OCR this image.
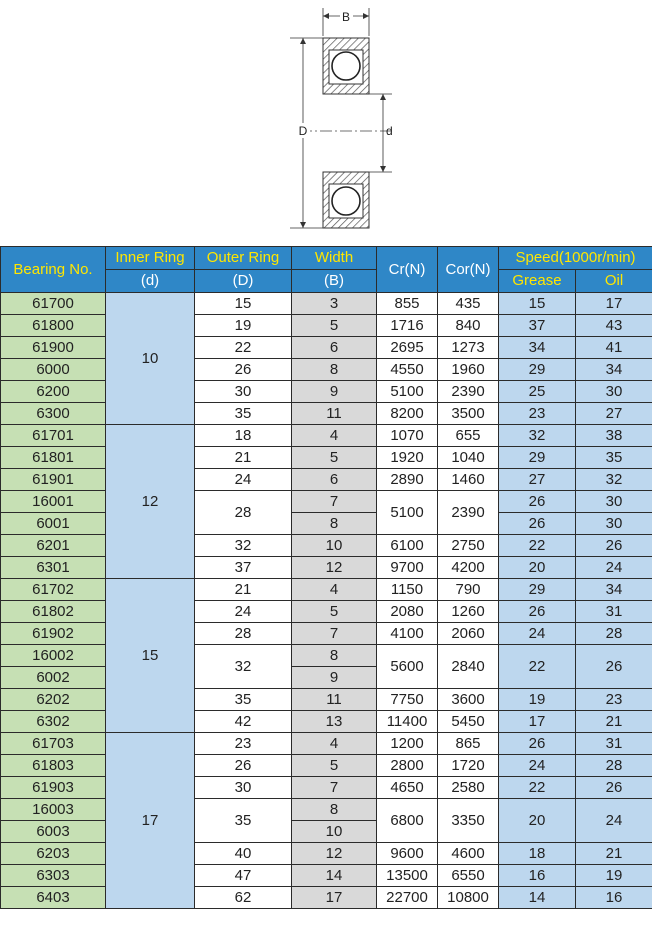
B
D	d
Bearing No.	Inner Ring	Outer Ring	Width	Cr(N)	Cor(N)	Speed(1000r/min)	
	(d)	(D)	(B)			Grease	Oil
61700	10	15	3	855	435	15	17
61800		19	5	1716	840	37	43
61900		22	6	2695	1273	34	41
6000		26	8	4550	1960	29	34
6200		30	9	5100	2390	25	30
6300		35	11	8200	3500	23	27
61701	12	18	4	1070	655	32	38
61801		21	5	1920	1040	29	35
61901		24	6	2890	1460	27	32
16001		28	7	5100	2390	26	30
6001			8			26	30
6201		32	10	6100	2750	22	26
6301		37	12	9700	4200	20	24
61702	15	21	4	1150	790	29	34
61802		24	5	2080	1260	26	31
61902		28	7	4100	2060	24	28
16002		32	8	5600	2840	22	26
6002			9				
6202		35	11	7750	3600	19	23
6302		42	13	11400	5450	17	21
61703	17	23	4	1200	865	26	31
61803		26	5	2800	1720	24	28
61903		30	7	4650	2580	22	26
16003		35	8	6800	3350	20	24
6003			10				
6203		40	12	9600	4600	18	21
6303		47	14	13500	6550	16	19
6403		62	17	22700	10800	14	16
